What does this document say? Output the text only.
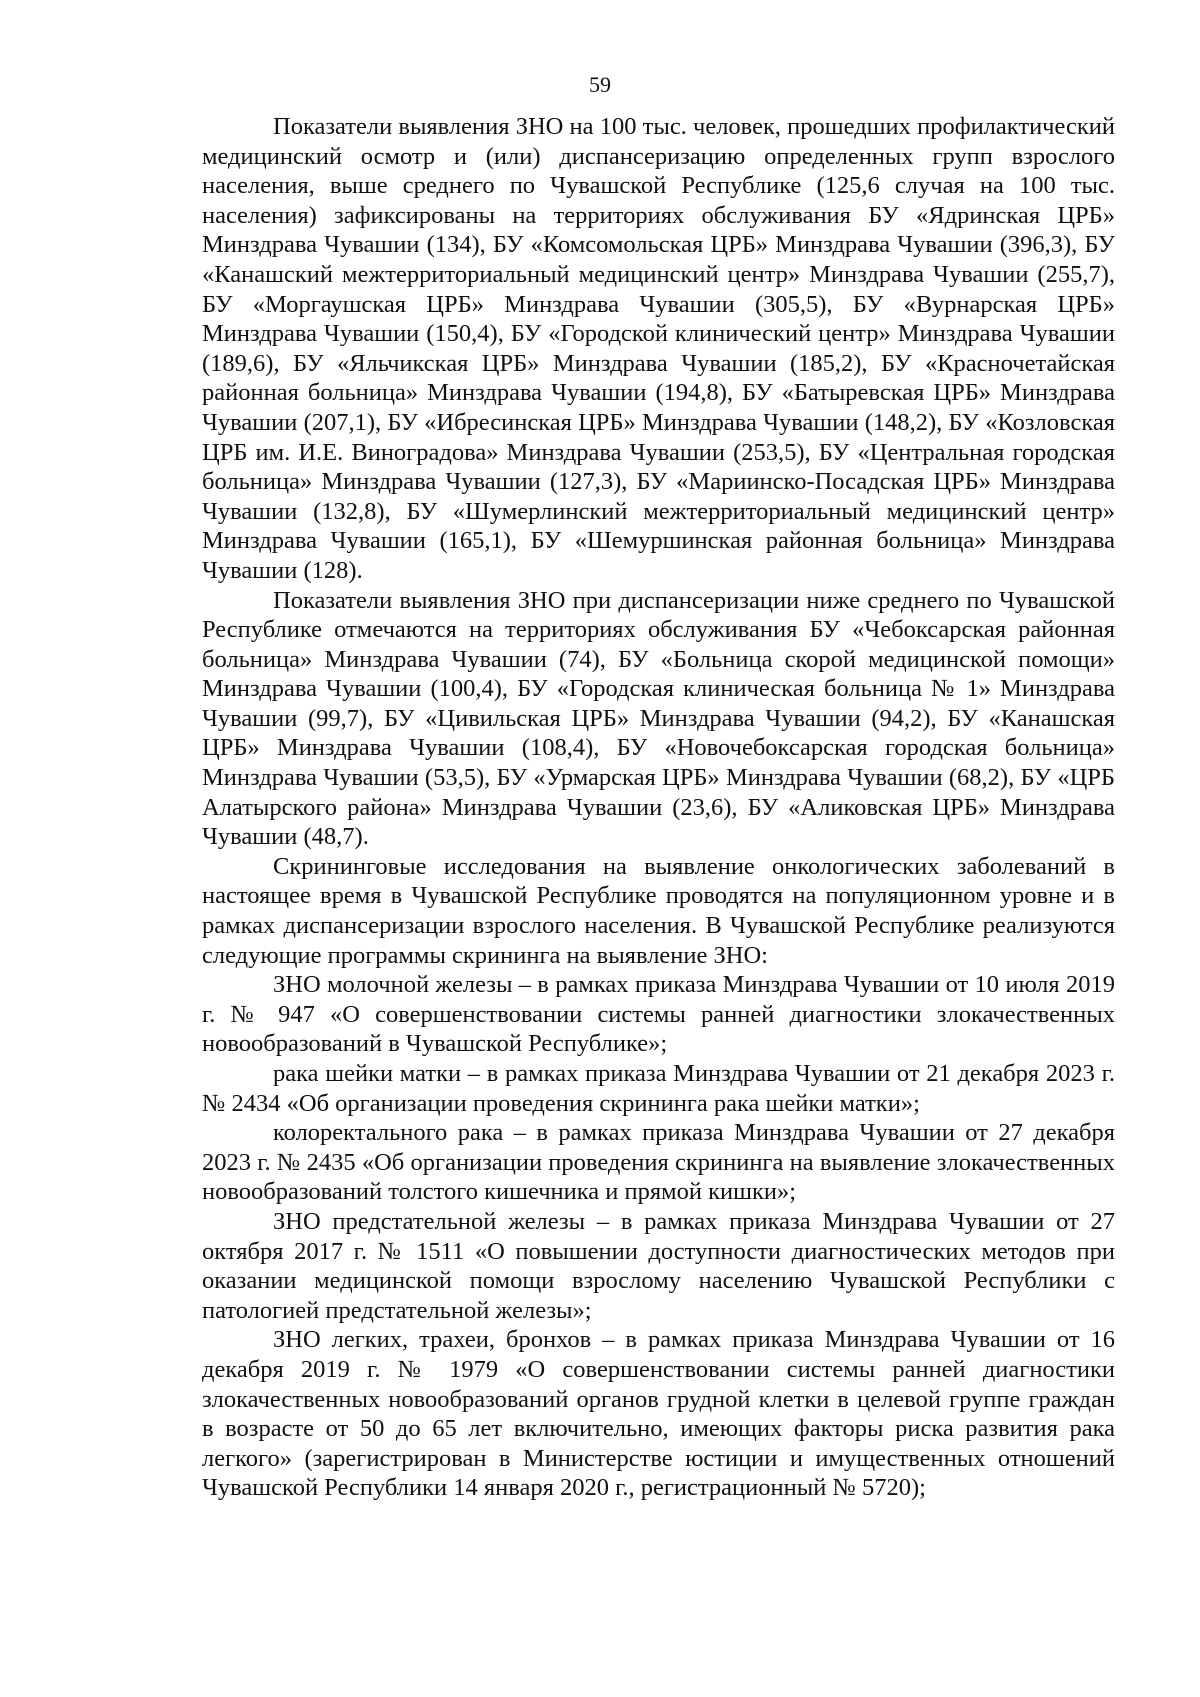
59

Показатели выявления ЗНО на 100 тыс. человек, прошедших профилактический медицинский осмотр и (или) диспансеризацию определенных групп взрослого населения, выше среднего по Чувашской Республике (125,6 случая на 100 тыс. населения) зафиксированы на территориях обслуживания БУ «Ядринская ЦРБ» Минздрава Чувашии (134), БУ «Комсомольская ЦРБ» Минздрава Чувашии (396,3), БУ «Канашский межтерриториальный медицинский центр» Минздрава Чувашии (255,7), БУ «Моргаушская ЦРБ» Минздрава Чувашии (305,5), БУ «Вурнарская ЦРБ» Минздрава Чувашии (150,4), БУ «Городской клинический центр» Минздрава Чувашии (189,6), БУ «Яльчикская ЦРБ» Минздрава Чувашии (185,2), БУ «Красночетайская районная больница» Минздрава Чувашии (194,8), БУ «Батыревская ЦРБ» Минздрава Чувашии (207,1), БУ «Ибресинская ЦРБ» Минздрава Чувашии (148,2), БУ «Козловская ЦРБ им. И.Е. Виноградова» Минздрава Чувашии (253,5), БУ «Центральная городская больница» Минздрава Чувашии (127,3), БУ «Мариинско-Посадская ЦРБ» Минздрава Чувашии (132,8), БУ «Шумерлинский межтерриториальный медицинский центр» Минздрава Чувашии (165,1), БУ «Шемуршинская районная больница» Минздрава Чувашии (128).

Показатели выявления ЗНО при диспансеризации ниже среднего по Чувашской Республике отмечаются на территориях обслуживания БУ «Чебоксарская районная больница» Минздрава Чувашии (74), БУ «Больница скорой медицинской помощи» Минздрава Чувашии (100,4), БУ «Городская клиническая больница № 1» Минздрава Чувашии (99,7), БУ «Цивильская ЦРБ» Минздрава Чувашии (94,2), БУ «Канашская ЦРБ» Минздрава Чувашии (108,4), БУ «Новочебоксарская городская больница» Минздрава Чувашии (53,5), БУ «Урмарская ЦРБ» Минздрава Чувашии (68,2), БУ «ЦРБ Алатырского района» Минздрава Чувашии (23,6), БУ «Аликовская ЦРБ» Минздрава Чувашии (48,7).

Скрининговые исследования на выявление онкологических заболеваний в настоящее время в Чувашской Республике проводятся на популяционном уровне и в рамках диспансеризации взрослого населения. В Чувашской Республике реализуются следующие программы скрининга на выявление ЗНО:

ЗНО молочной железы – в рамках приказа Минздрава Чувашии от 10 июля 2019 г. № 947 «О совершенствовании системы ранней диагностики злокачественных новообразований в Чувашской Республике»;

рака шейки матки – в рамках приказа Минздрава Чувашии от 21 декабря 2023 г. № 2434 «Об организации проведения скрининга рака шейки матки»;

колоректального рака – в рамках приказа Минздрава Чувашии от 27 декабря 2023 г. № 2435 «Об организации проведения скрининга на выявление злокачественных новообразований толстого кишечника и прямой кишки»;

ЗНО предстательной железы – в рамках приказа Минздрава Чувашии от 27 октября 2017 г. № 1511 «О повышении доступности диагностических методов при оказании медицинской помощи взрослому населению Чувашской Республики с патологией предстательной железы»;

ЗНО легких, трахеи, бронхов – в рамках приказа Минздрава Чувашии от 16 декабря 2019 г. № 1979 «О совершенствовании системы ранней диагностики злокачественных новообразований органов грудной клетки в целевой группе граждан в возрасте от 50 до 65 лет включительно, имеющих факторы риска развития рака легкого» (зарегистрирован в Министерстве юстиции и имущественных отношений Чувашской Республики 14 января 2020 г., регистрационный № 5720);
